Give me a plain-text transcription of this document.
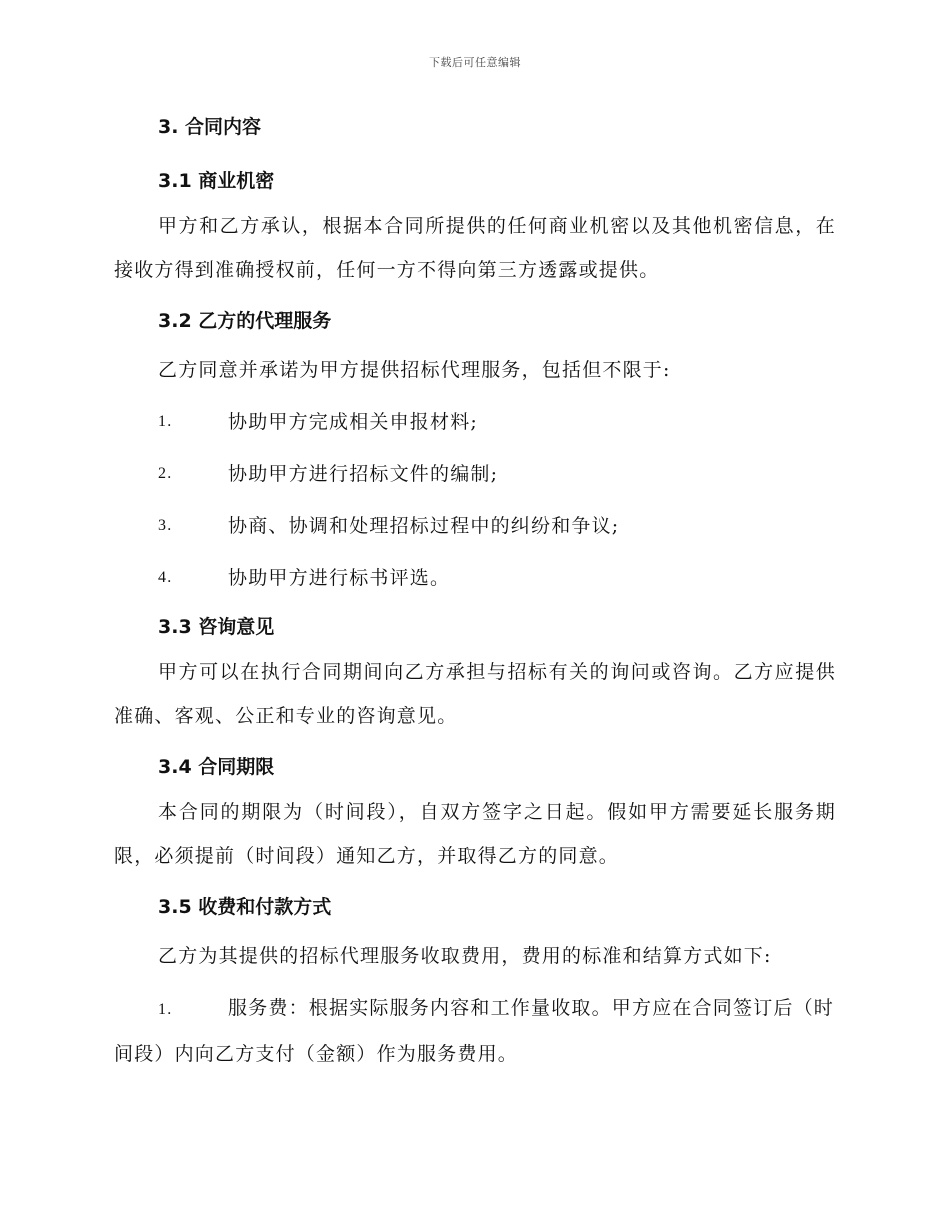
下载后可任意编辑
3. 合同内容
3.1 商业机密

甲方和乙方承认，根据本合同所提供的任何商业机密以及其他机密信息，在接收方得到准确授权前，任何一方不得向第三方透露或提供。

3.2 乙方的代理服务

乙方同意并承诺为甲方提供招标代理服务，包括但不限于:

1.	协助甲方完成相关申报材料;
2.	协助甲方进行招标文件的编制;
3.	协商、协调和处理招标过程中的纠纷和争议;
4.	协助甲方进行标书评选。
3.3 咨询意见

甲方可以在执行合同期间向乙方承担与招标有关的询问或咨询。乙方应提供准确、客观、公正和专业的咨询意见。

3.4 合同期限

本合同的期限为（时间段），自双方签字之日起。假如甲方需要延长服务期限，必须提前（时间段）通知乙方，并取得乙方的同意。

3.5 收费和付款方式

乙方为其提供的招标代理服务收取费用，费用的标准和结算方式如下:

1.	服务费：根据实际服务内容和工作量收取。甲方应在合同签订后（时间段）内向乙方支付（金额）作为服务费用。
